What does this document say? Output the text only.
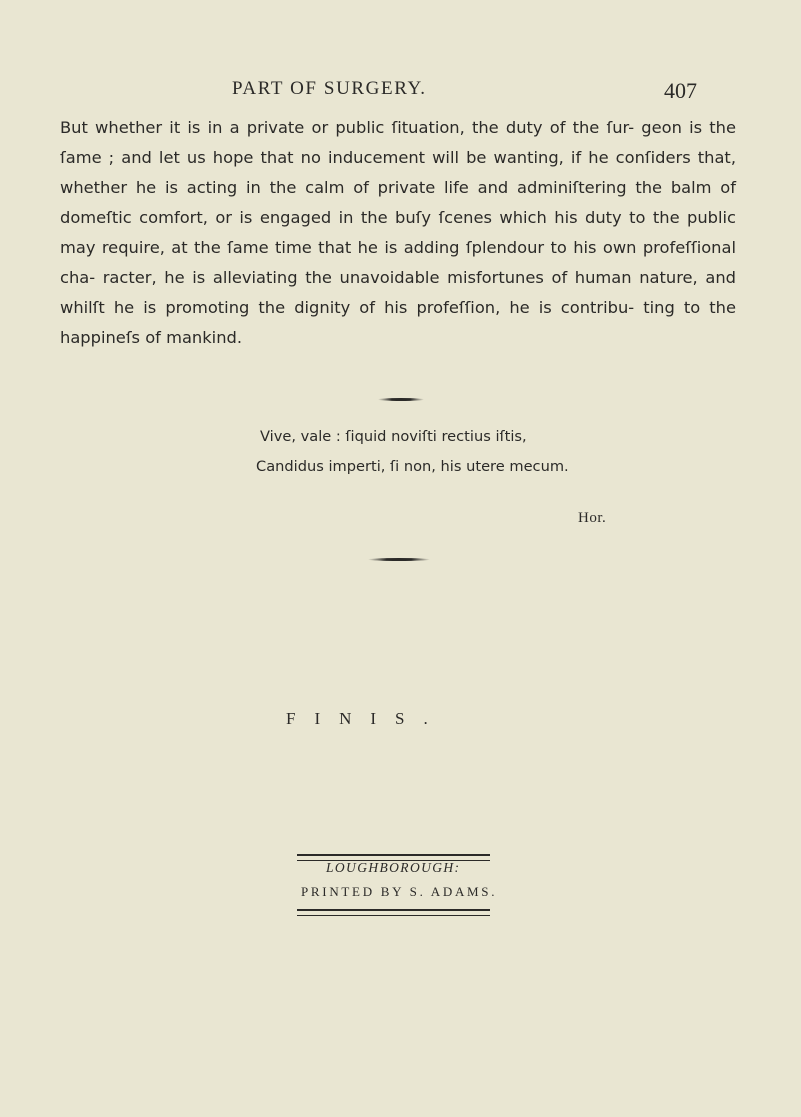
PART OF SURGERY.	407

But whether it is in a private or public ſituation, the duty of the ſur- geon is the ſame ; and let us hope that no inducement will be wanting, if he conſiders that, whether he is acting in the calm of private life and adminiſtering the balm of domeſtic comfort, or is engaged in the buſy ſcenes which his duty to the public may require, at the ſame time that he is adding ſplendour to his own profeſſional cha- racter, he is alleviating the unavoidable misfortunes of human nature, and whilſt he is promoting the dignity of his profeſſion, he is contribu- ting to the happineſs of mankind.

Vive, vale : ſiquid noviſti rectius iſtis,
Candidus imperti, ſi non, his utere mecum.
Hor.
FINIS.
LOUGHBOROUGH:
PRINTED BY S. ADAMS.
